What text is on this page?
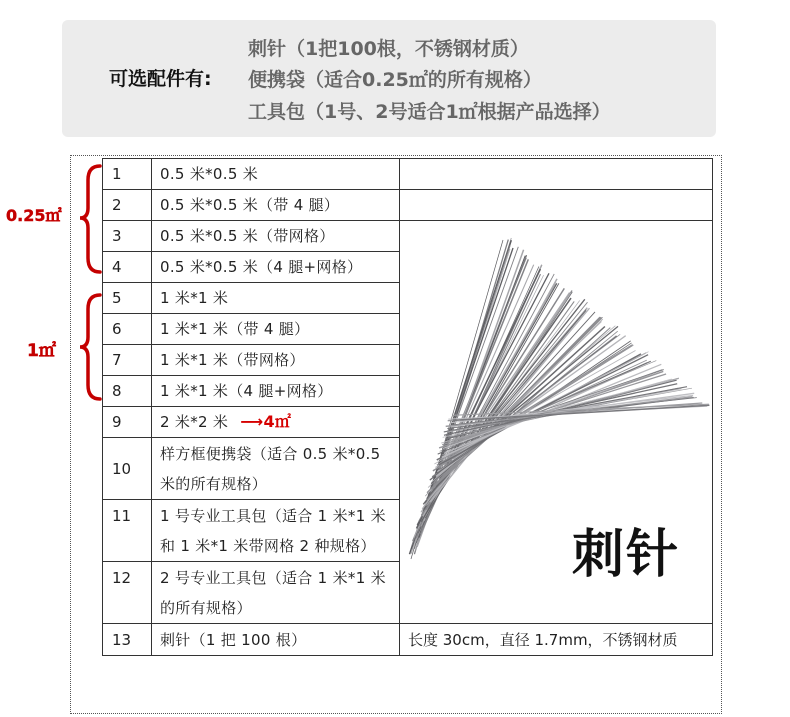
可选配件有:
刺针（1把100根，不锈钢材质）
便携袋（适合0.25㎡的所有规格）
工具包（1号、2号适合1㎡根据产品选择）
0.25㎡
1㎡
1	0.5 米*0.5 米		
2	0.5 米*0.5 米（带 4 腿）		
3	0.5 米*0.5 米（带网格）		
4	0.5 米*0.5 米（4 腿+网格）		
5	1 米*1 米		
6	1 米*1 米（带 4 腿）		
7	1 米*1 米（带网格）		
8	1 米*1 米（4 腿+网格）		
9	2 米*2 米 ⟶4㎡		
10	样方框便携袋（适合 0.5 米*0.5 米的所有规格）		
11	1 号专业工具包（适合 1 米*1 米和 1 米*1 米带网格 2 种规格）		
12	2 号专业工具包（适合 1 米*1 米的所有规格）		
13	刺针（1 把 100 根）	长度 30cm，直径 1.7mm，不锈钢材质	
刺针
